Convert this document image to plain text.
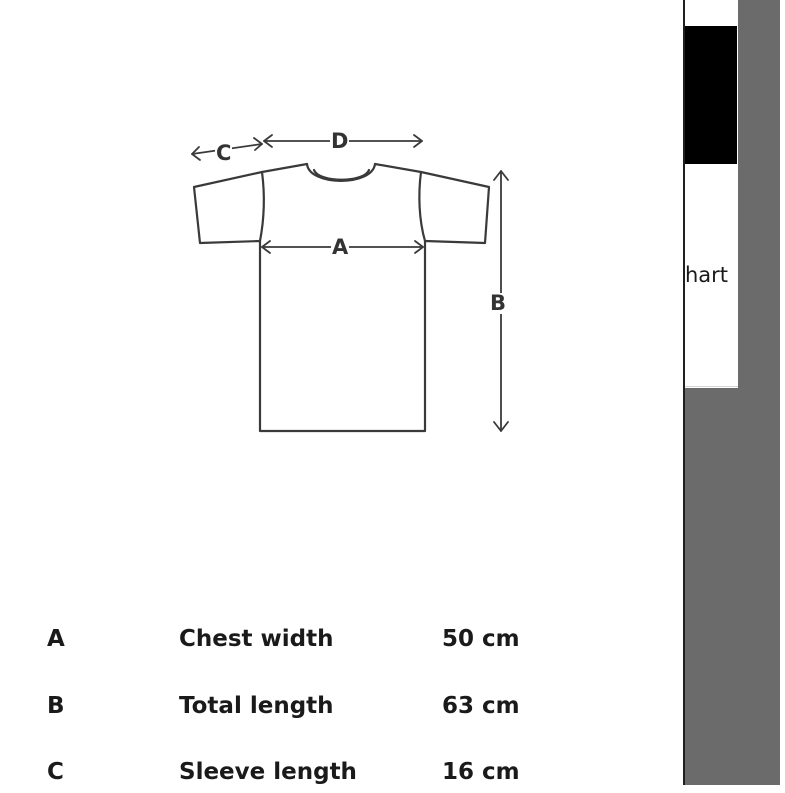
D
C
A
B
A	Chest width	50 cm
B	Total length	63 cm
C	Sleeve length	16 cm
hart
